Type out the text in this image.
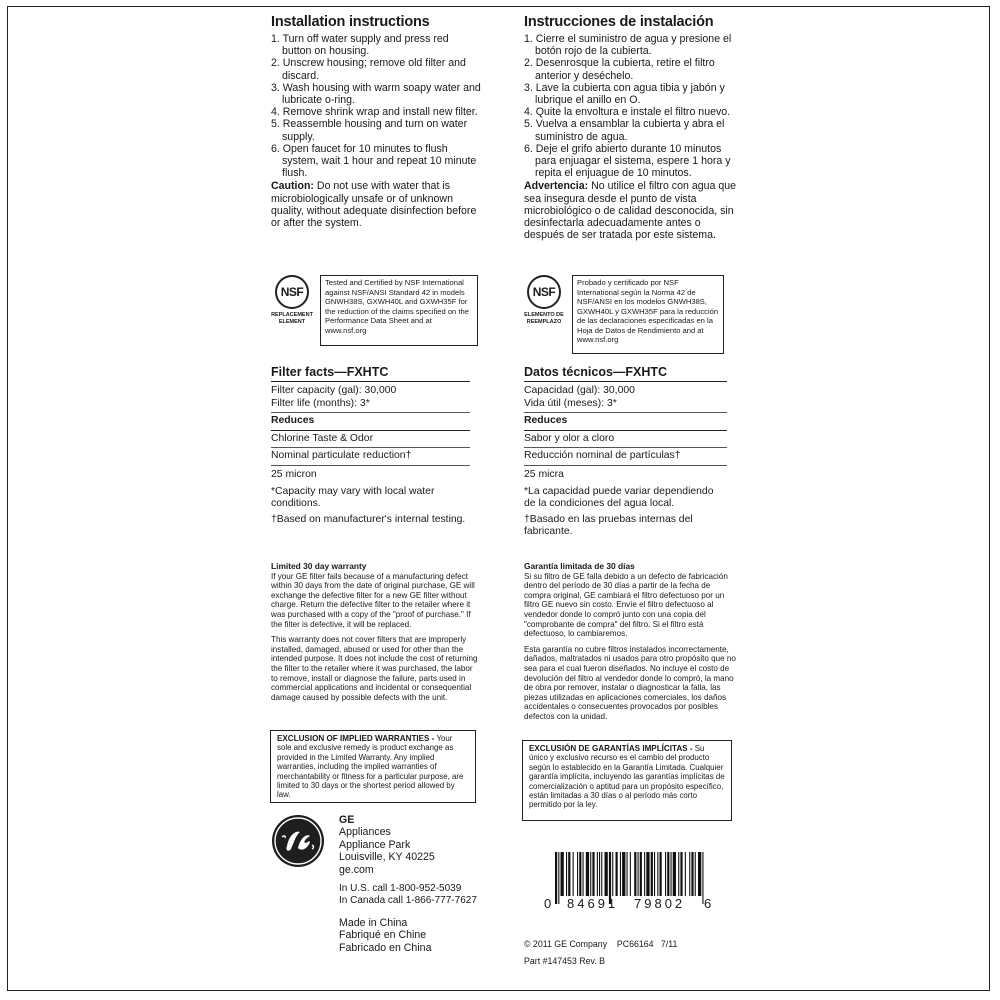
Installation instructions
1. Turn off water supply and press red button on housing.
2. Unscrew housing; remove old filter and discard.
3. Wash housing with warm soapy water and lubricate o-ring.
4. Remove shrink wrap and install new filter.
5. Reassemble housing and turn on water supply.
6. Open faucet for 10 minutes to flush system, wait 1 hour and repeat 10 minute flush.
Caution: Do not use with water that is microbiologically unsafe or of unknown quality, without adequate disinfection before or after the system.
Instrucciones de instalación
1. Cierre el suministro de agua y presione el botón rojo de la cubierta.
2. Desenrosque la cubierta, retire el filtro anterior y deséchelo.
3. Lave la cubierta con agua tibia y jabón y lubrique el anillo en O.
4. Quite la envoltura e instale el filtro nuevo.
5. Vuelva a ensamblar la cubierta y abra el suministro de agua.
6. Deje el grifo abierto durante 10 minutos para enjuagar el sistema, espere 1 hora y repita el enjuague de 10 minutos.
Advertencia: No utilice el filtro con agua que sea insegura desde el punto de vista microbiológico o de calidad desconocida, sin desinfectarla adecuadamente antes o después de ser tratada por este sistema.
NSF
REPLACEMENT ELEMENT
Tested and Certified by NSF International against NSF/ANSI Standard 42 in models GNWH38S, GXWH40L and GXWH35F for the reduction of the claims specified on the Performance Data Sheet and at www.nsf.org
NSF
ELEMENTO DE REEMPLAZO
Probado y certificado por NSF International según la Norma 42 de NSF/ANSI en los modelos GNWH38S, GXWH40L y GXWH35F para la reducción de las declaraciones especificadas en la Hoja de Datos de Rendimiento and at www.nsf.org
Filter facts—FXHTC
Filter capacity (gal): 30,000
Filter life (months): 3*
Reduces
Chlorine Taste & Odor
Nominal particulate reduction†
25 micron
*Capacity may vary with local water conditions.
†Based on manufacturer's internal testing.
Datos técnicos—FXHTC
Capacidad (gal): 30,000
Vida útil (meses): 3*
Reduces
Sabor y olor a cloro
Reducción nominal de partículas†
25 micra
*La capacidad puede variar dependiendo de la condiciones del agua local.
†Basado en las pruebas internas del fabricante.
Limited 30 day warranty
If your GE filter fails because of a manufacturing defect within 30 days from the date of original purchase, GE will exchange the defective filter for a new GE filter without charge. Return the defective filter to the retailer where it was purchased with a copy of the "proof of purchase." If the filter is defective, it will be replaced.
This warranty does not cover filters that are improperly installed, damaged, abused or used for other than the intended purpose. It does not include the cost of returning the filter to the retailer where it was purchased, the labor to remove, install or diagnose the failure, parts used in commercial applications and incidental or consequential damage caused by possible defects with the unit.
Garantía limitada de 30 días
Si su filtro de GE falla debido a un defecto de fabricación dentro del período de 30 días a partir de la fecha de compra original, GE cambiará el filtro defectuoso por un filtro GE nuevo sin costo. Envíe el filtro defectuoso al vendedor donde lo compró junto con una copia del "comprobante de compra" del filtro. Si el filtro está defectuoso, lo cambiaremos.
Esta garantía no cubre filtros instalados incorrectamente, dañados, maltratados ni usados para otro propósito que no sea para el cual fueron diseñados. No incluye el costo de devolución del filtro al vendedor donde lo compró, la mano de obra por remover, instalar o diagnosticar la falla, las piezas utilizadas en aplicaciones comerciales, los daños accidentales o consecuentes provocados por posibles defectos con la unidad.
EXCLUSION OF IMPLIED WARRANTIES - Your sole and exclusive remedy is product exchange as provided in the Limited Warranty. Any implied warranties, including the implied warranties of merchantability or fitness for a particular purpose, are limited to 30 days or the shortest period allowed by law.
EXCLUSIÓN DE GARANTÍAS IMPLÍCITAS - Su único y exclusivo recurso es el cambio del producto según lo establecido en la Garantía Limitada. Cualquier garantía implícita, incluyendo las garantías implícitas de comercialización o aptitud para un propósito específico, están limitadas a 30 días o al período más corto permitido por la ley.
GE
Appliances
Appliance Park
Louisville, KY 40225
ge.com
In U.S. call 1-800-952-5039
In Canada call 1-866-777-7627
Made in China
Fabriqué en Chine
Fabricado en China
0 84691 79802 6
© 2011 GE Company    PC66164   7/11
Part #147453 Rev. B
